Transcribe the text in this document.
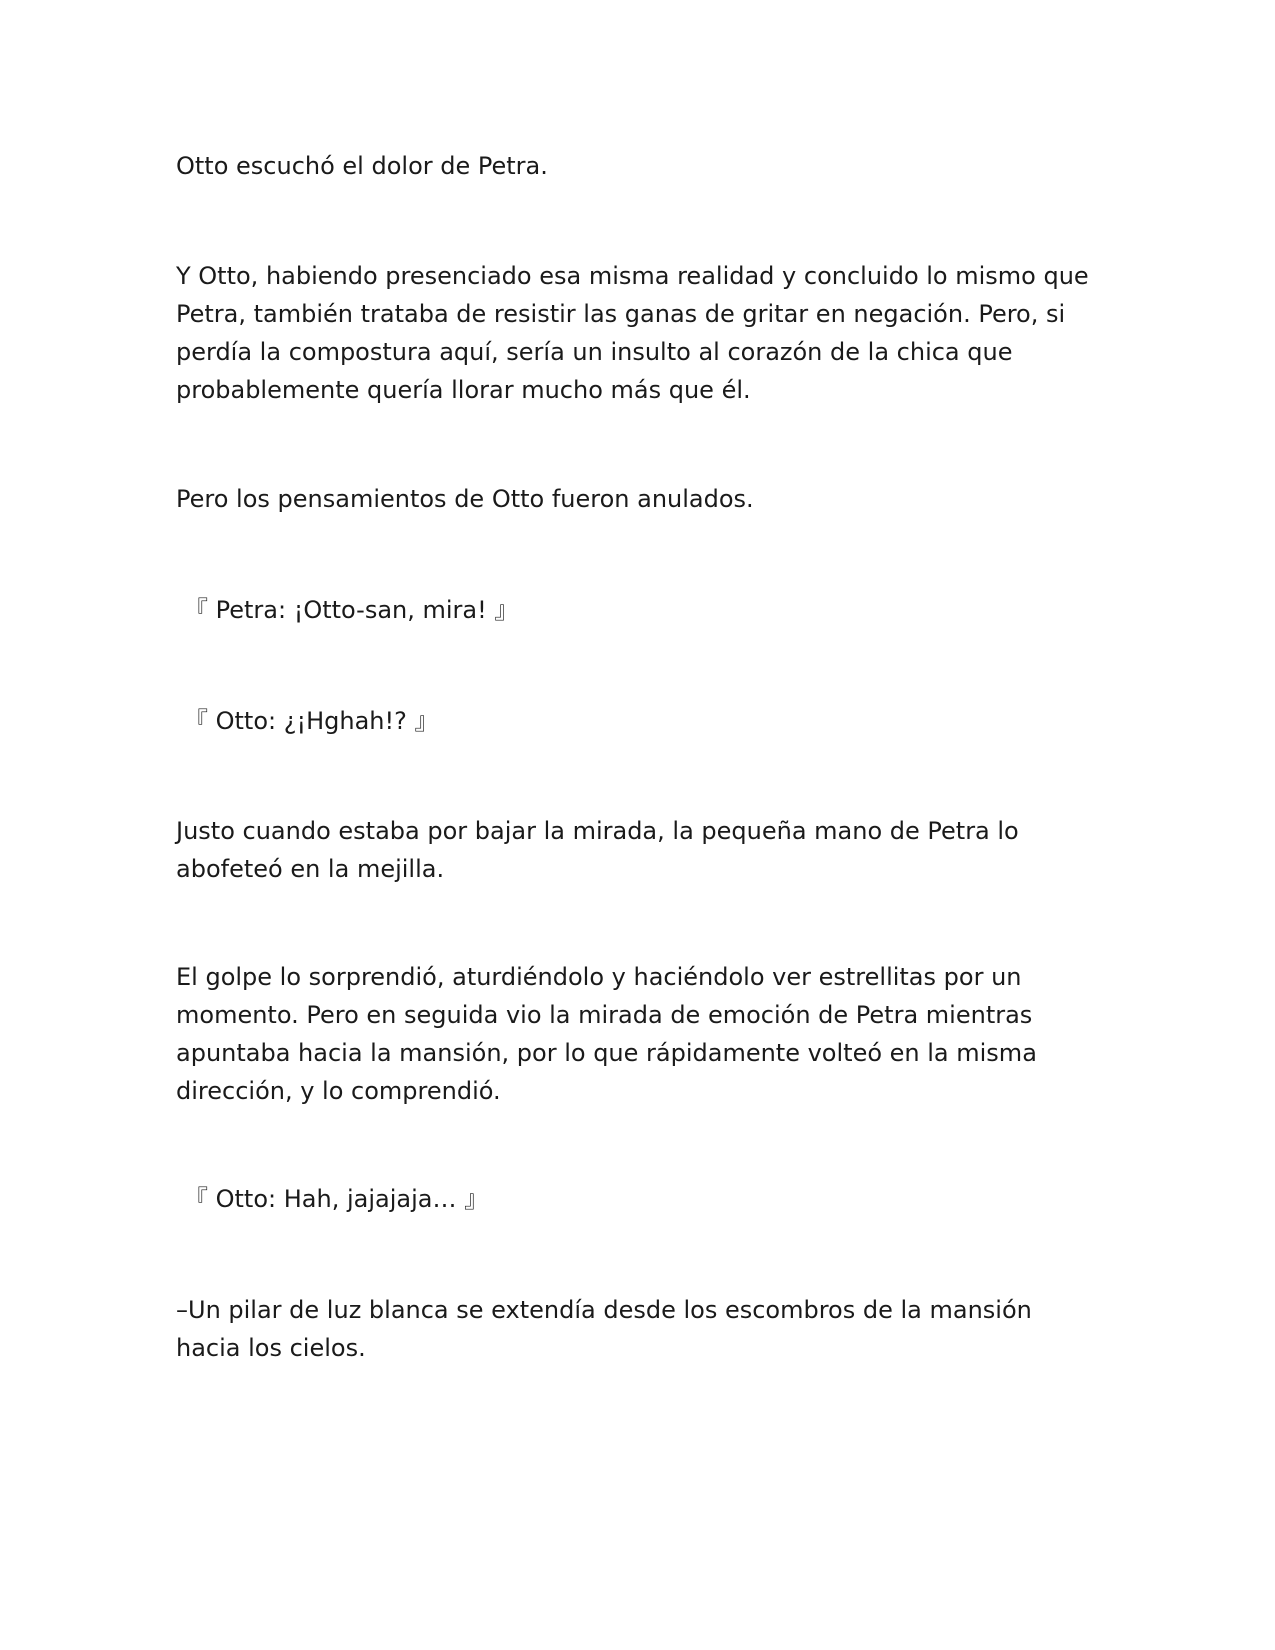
Otto escuchó el dolor de Petra.

Y Otto, habiendo presenciado esa misma realidad y concluido lo mismo que Petra, también trataba de resistir las ganas de gritar en negación. Pero, si perdía la compostura aquí, sería un insulto al corazón de la chica que probablemente quería llorar mucho más que él.

Pero los pensamientos de Otto fueron anulados.

『 Petra: ¡Otto-san, mira! 』

『 Otto: ¿¡Hghah!? 』

Justo cuando estaba por bajar la mirada, la pequeña mano de Petra lo abofeteó en la mejilla.

El golpe lo sorprendió, aturdiéndolo y haciéndolo ver estrellitas por un momento. Pero en seguida vio la mirada de emoción de Petra mientras apuntaba hacia la mansión, por lo que rápidamente volteó en la misma dirección, y lo comprendió.

『 Otto: Hah, jajajaja… 』

–Un pilar de luz blanca se extendía desde los escombros de la mansión hacia los cielos.
